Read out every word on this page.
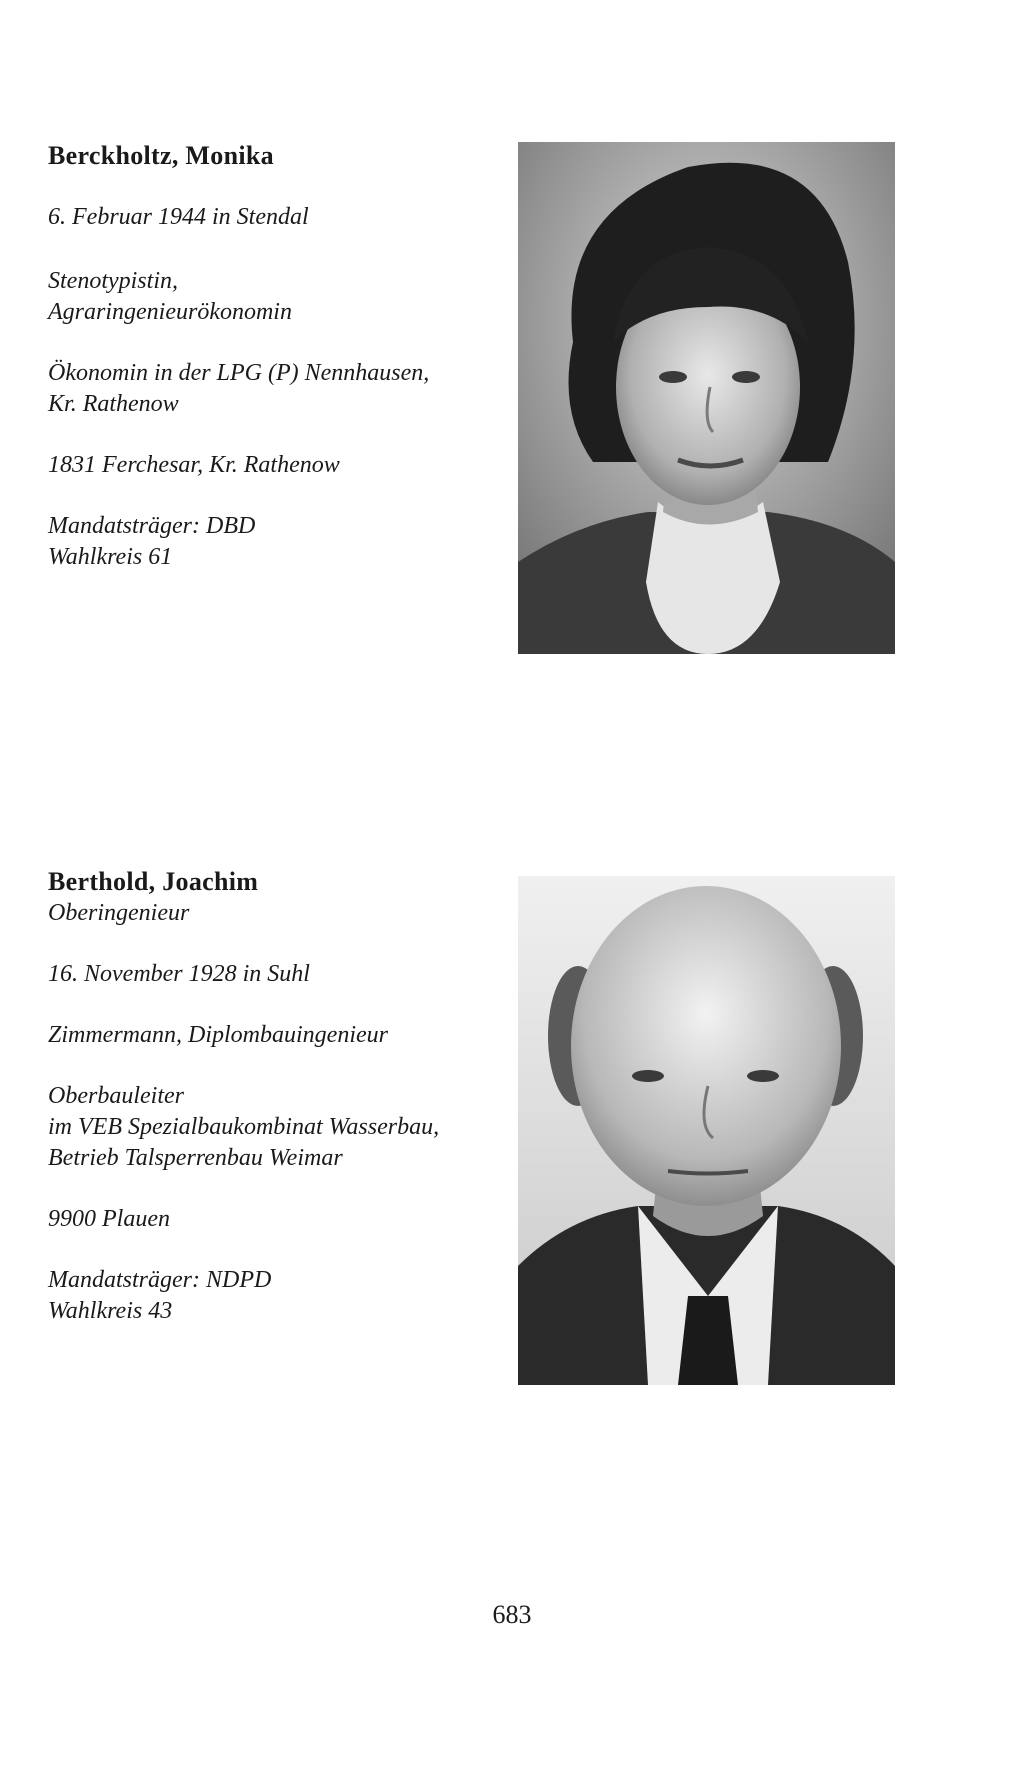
Berckholtz, Monika

6. Februar 1944 in Stendal

Stenotypistin,

Agraringenieurökonomin

Ökonomin in der LPG (P) Nennhausen,

Kr. Rathenow

1831 Ferchesar, Kr. Rathenow

Mandatsträger: DBD

Wahlkreis 61

Berthold, Joachim

Oberingenieur

16. November 1928 in Suhl

Zimmermann, Diplombauingenieur

Oberbauleiter

im VEB Spezialbaukombinat Wasserbau,

Betrieb Talsperrenbau Weimar

9900 Plauen

Mandatsträger: NDPD

Wahlkreis 43

683
